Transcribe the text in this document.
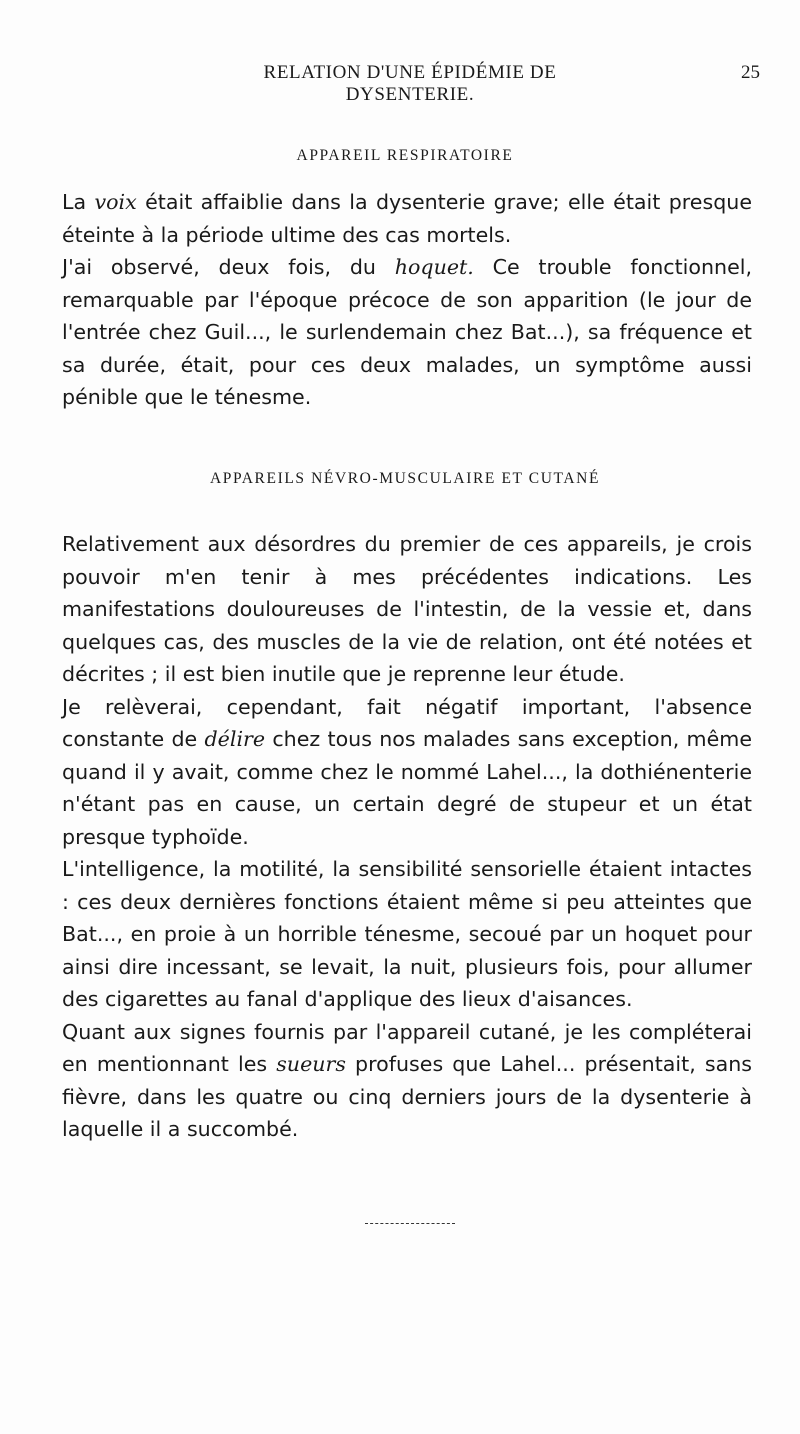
RELATION D'UNE ÉPIDÉMIE DE DYSENTERIE.
25
APPAREIL RESPIRATOIRE

La voix était affaiblie dans la dysenterie grave; elle était presque éteinte à la période ultime des cas mortels.

J'ai observé, deux fois, du hoquet. Ce trouble fonctionnel, remarquable par l'époque précoce de son apparition (le jour de l'entrée chez Guil..., le surlendemain chez Bat...), sa fréquence et sa durée, était, pour ces deux malades, un symptôme aussi pénible que le ténesme.

APPAREILS NÉVRO-MUSCULAIRE ET CUTANÉ

Relativement aux désordres du premier de ces appareils, je crois pouvoir m'en tenir à mes précédentes indications. Les manifestations douloureuses de l'intestin, de la vessie et, dans quelques cas, des muscles de la vie de relation, ont été notées et décrites ; il est bien inutile que je reprenne leur étude.

Je relèverai, cependant, fait négatif important, l'absence constante de délire chez tous nos malades sans exception, même quand il y avait, comme chez le nommé Lahel..., la dothiénenterie n'étant pas en cause, un certain degré de stupeur et un état presque typhoïde.

L'intelligence, la motilité, la sensibilité sensorielle étaient intactes : ces deux dernières fonctions étaient même si peu atteintes que Bat..., en proie à un horrible ténesme, secoué par un hoquet pour ainsi dire incessant, se levait, la nuit, plusieurs fois, pour allumer des cigarettes au fanal d'applique des lieux d'aisances.

Quant aux signes fournis par l'appareil cutané, je les compléterai en mentionnant les sueurs profuses que Lahel... présentait, sans fièvre, dans les quatre ou cinq derniers jours de la dysenterie à laquelle il a succombé.
